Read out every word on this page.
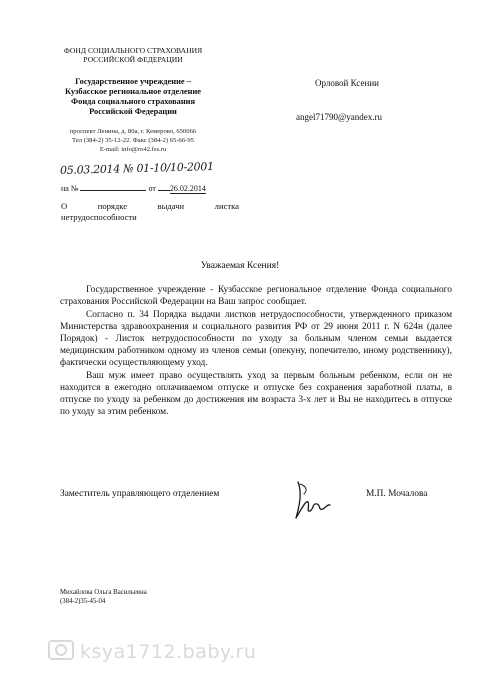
ФОНД СОЦИАЛЬНОГО СТРАХОВАНИЯ
РОССИЙСКОЙ ФЕДЕРАЦИИ
Государственное учреждение –
Кузбасское региональное отделение
Фонда социального страхования
Российской Федерации
проспект Ленина, д. 80а, г. Кемерово, 650066
Тел (384-2) 35-12-22. Факс (384-2) 65-66-95
E-mail: info@ro42.fss.ru
05.03.2014 № 01-10/10-2001
на №	от 26.02.2014
О порядке выдачи листка
нетрудоспособности
Орловой Ксении
angel71790@yandex.ru
Уважаемая Ксения!

Государственное учреждение - Кузбасское региональное отделение Фонда социального страхования Российской Федерации на Ваш запрос сообщает.

Согласно п. 34 Порядка выдачи листков нетрудоспособности, утвержденного приказом Министерства здравоохранения и социального развития РФ от 29 июня 2011 г. N 624н (далее Порядок) - Листок нетрудоспособности по уходу за больным членом семьи выдается медицинским работником одному из членов семьи (опекуну, попечителю, иному родственнику), фактически осуществляющему уход.

Ваш муж имеет право осуществлять уход за первым больным ребенком, если он не находится в ежегодно оплачиваемом отпуске и отпуске без сохранения заработной платы, в отпуске по уходу за ребенком до достижения им возраста 3-х лет и Вы не находитесь в отпуске по уходу за этим ребенком.

Заместитель управляющего отделением	М.П. Мочалова
Михайлова Ольга Васильевна
(384-2)35-45-04
ksya1712.baby.ru
